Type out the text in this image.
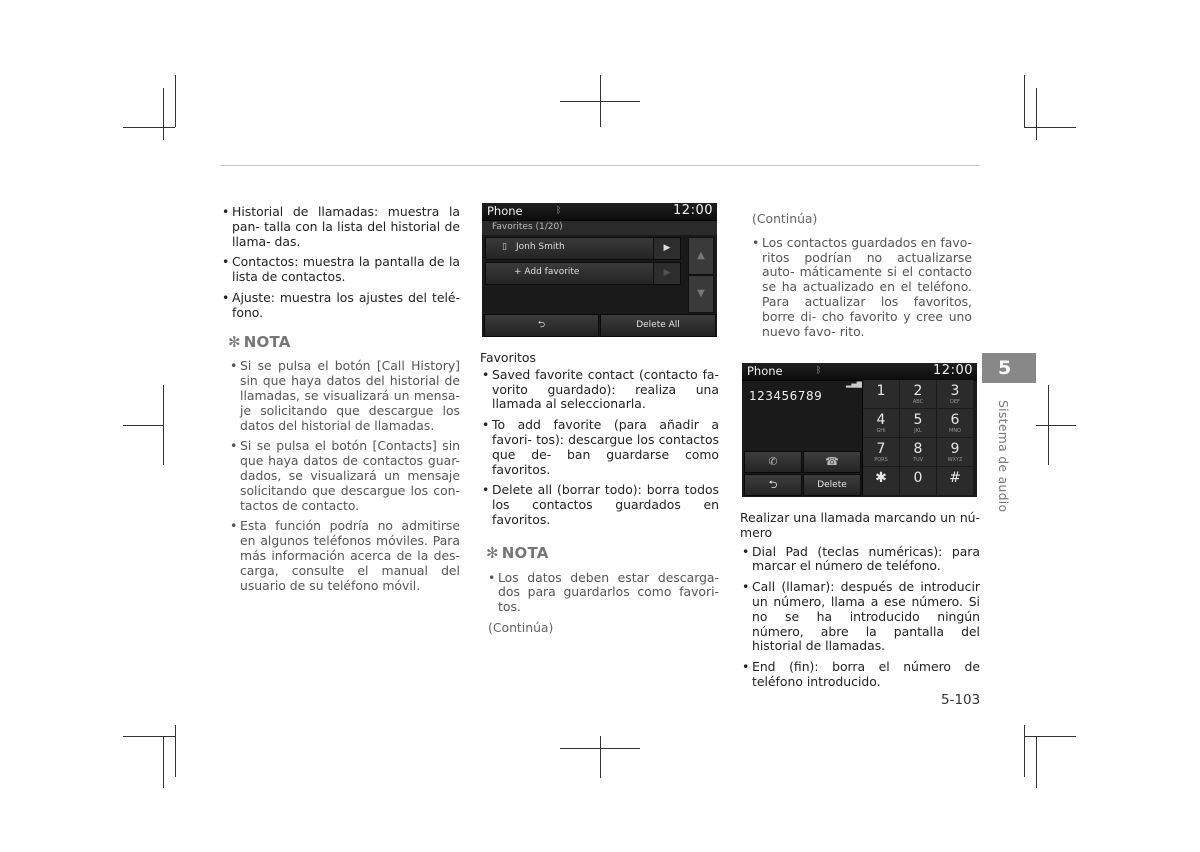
• Historial de llamadas: muestra la pan- talla con la lista del historial de llama- das.
• Contactos: muestra la pantalla de la lista de contactos.
• Ajuste: muestra los ajustes del telé- fono.
✻ NOTA
• Si se pulsa el botón [Call History] sin que haya datos del historial de llamadas, se visualizará un mensa- je solicitando que descargue los datos del historial de llamadas.
• Si se pulsa el botón [Contacts] sin que haya datos de contactos guar- dados, se visualizará un mensaje solicitando que descargue los con- tactos de contacto.
• Esta función podría no admitirse en algunos teléfonos móviles. Para más información acerca de la des- carga, consulte el manual del usuario de su teléfono móvil.
Phone	ᛒ	12:00
Favorites (1/20)
▯ Jonh Smith	▶
+ Add favorite	▶
▲
▼
⮌	Delete All
Favoritos
• Saved favorite contact (contacto fa- vorito guardado): realiza una llamada al seleccionarla.
• To add favorite (para añadir a favori- tos): descargue los contactos que de- ban guardarse como favoritos.
• Delete all (borrar todo): borra todos los contactos guardados en favoritos.
✻ NOTA
• Los datos deben estar descarga- dos para guardarlos como favori- tos.
(Continúa)
(Continúa)
• Los contactos guardados en favo- ritos podrían no actualizarse auto- máticamente si el contacto se ha actualizado en el teléfono. Para actualizar los favoritos, borre di- cho favorito y cree uno nuevo favo- rito.
Phone	ᛒ	12:00
▂▄▆
123456789	1	2
ABC
3
DEF
4
GHI
5
JKL
6
MNO
7
PQRS
8
TUV
9
WXYZ
✱	0	#
✆	☎
⮌	Delete
Realizar una llamada marcando un nú- mero
• Dial Pad (teclas numéricas): para marcar el número de teléfono.
• Call (llamar): después de introducir un número, llama a ese número. Si no se ha introducido ningún número, abre la pantalla del historial de llamadas.
• End (fin): borra el número de teléfono introducido.
5
Sistema de audio
5-103
